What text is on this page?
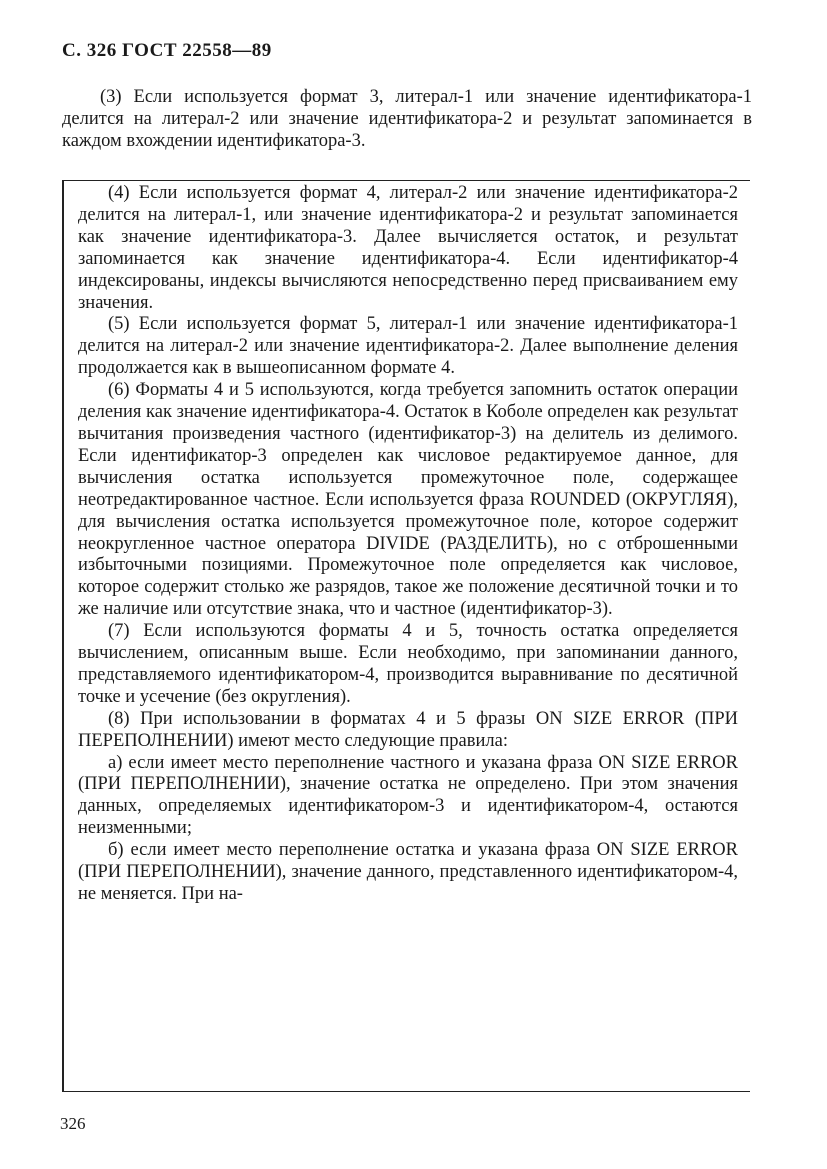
С. 326 ГОСТ 22558—89

(3) Если используется формат 3, литерал-1 или значение идентификатора-1 делится на литерал-2 или значение идентификатора-2 и результат запоминается в каждом вхождении идентификатора-3.

(4) Если используется формат 4, литерал-2 или значение идентификатора-2 делится на литерал-1, или значение идентификатора-2 и результат запоминается как значение идентификатора-3. Далее вычисляется остаток, и результат запоминается как значение идентификатора-4. Если идентификатор-4 индексированы, индексы вычисляются непосредственно перед присваиванием ему значения.

(5) Если используется формат 5, литерал-1 или значение идентификатора-1 делится на литерал-2 или значение идентификатора-2. Далее выполнение деления продолжается как в вышеописанном формате 4.

(6) Форматы 4 и 5 используются, когда требуется запомнить остаток операции деления как значение идентификатора-4. Остаток в Коболе определен как результат вычитания произведения частного (идентификатор-3) на делитель из делимого. Если идентификатор-3 определен как числовое редактируемое данное, для вычисления остатка используется промежуточное поле, содержащее неотредактированное частное. Если используется фраза ROUNDED (ОКРУГЛЯЯ), для вычисления остатка используется промежуточное поле, которое содержит неокругленное частное оператора DIVIDE (РАЗДЕЛИТЬ), но с отброшенными избыточными позициями. Промежуточное поле определяется как числовое, которое содержит столько же разрядов, такое же положение десятичной точки и то же наличие или отсутствие знака, что и частное (идентификатор-3).

(7) Если используются форматы 4 и 5, точность остатка определяется вычислением, описанным выше. Если необходимо, при запоминании данного, представляемого идентификатором-4, производится выравнивание по десятичной точке и усечение (без округления).

(8) При использовании в форматах 4 и 5 фразы ON SIZE ERROR (ПРИ ПЕРЕПОЛНЕНИИ) имеют место следующие правила:

а) если имеет место переполнение частного и указана фраза ON SIZE ERROR (ПРИ ПЕРЕПОЛНЕНИИ), значение остатка не определено. При этом значения данных, определяемых идентификатором-3 и идентификатором-4, остаются неизменными;

б) если имеет место переполнение остатка и указана фраза ON SIZE ERROR (ПРИ ПЕРЕПОЛНЕНИИ), значение данного, представленного идентификатором-4, не меняется. При на-

326
